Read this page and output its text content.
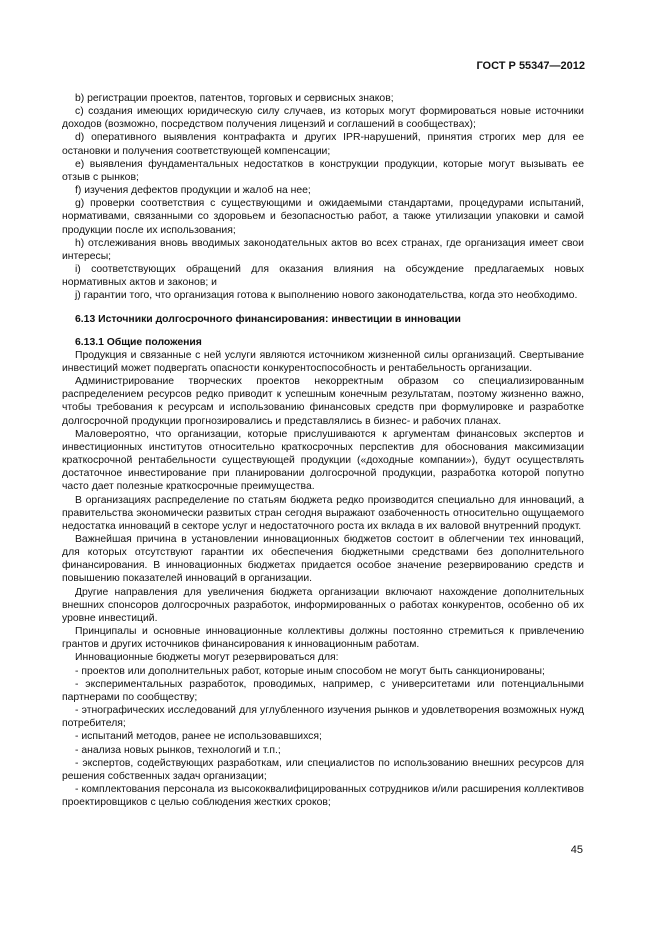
ГОСТ Р 55347—2012

b) регистрации проектов, патентов, торговых и сервисных знаков;

c) создания имеющих юридическую силу случаев, из которых могут формироваться новые источники доходов (возможно, посредством получения лицензий и соглашений в сообществах);

d) оперативного выявления контрафакта и других IPR-нарушений, принятия строгих мер для ее остановки и получения соответствующей компенсации;

e) выявления фундаментальных недостатков в конструкции продукции, которые могут вызывать ее отзыв с рынков;

f) изучения дефектов продукции и жалоб на нее;

g) проверки соответствия с существующими и ожидаемыми стандартами, процедурами испытаний, нормативами, связанными со здоровьем и безопасностью работ, а также утилизации упаковки и самой продукции после их использования;

h) отслеживания вновь вводимых законодательных актов во всех странах, где организация имеет свои интересы;

i) соответствующих обращений для оказания влияния на обсуждение предлагаемых новых нормативных актов и законов; и

j) гарантии того, что организация готова к выполнению нового законодательства, когда это необходимо.

6.13 Источники долгосрочного финансирования: инвестиции в инновации

6.13.1 Общие положения

Продукция и связанные с ней услуги являются источником жизненной силы организаций. Свертывание инвестиций может подвергать опасности конкурентоспособность и рентабельность организации.

Администрирование творческих проектов некорректным образом со специализированным распределением ресурсов редко приводит к успешным конечным результатам, поэтому жизненно важно, чтобы требования к ресурсам и использованию финансовых средств при формулировке и разработке долгосрочной продукции прогнозировались и представлялись в бизнес- и рабочих планах.

Маловероятно, что организации, которые прислушиваются к аргументам финансовых экспертов и инвестиционных институтов относительно краткосрочных перспектив для обоснования максимизации краткосрочной рентабельности существующей продукции («доходные компании»), будут осуществлять достаточное инвестирование при планировании долгосрочной продукции, разработка которой попутно часто дает полезные краткосрочные преимущества.

В организациях распределение по статьям бюджета редко производится специально для инноваций, а правительства экономически развитых стран сегодня выражают озабоченность относительно ощущаемого недостатка инноваций в секторе услуг и недостаточного роста их вклада в их валовой внутренний продукт.

Важнейшая причина в установлении инновационных бюджетов состоит в облегчении тех инноваций, для которых отсутствуют гарантии их обеспечения бюджетными средствами без дополнительного финансирования. В инновационных бюджетах придается особое значение резервированию средств и повышению показателей инноваций в организации.

Другие направления для увеличения бюджета организации включают нахождение дополнительных внешних спонсоров долгосрочных разработок, информированных о работах конкурентов, особенно об их уровне инвестиций.

Принципалы и основные инновационные коллективы должны постоянно стремиться к привлечению грантов и других источников финансирования к инновационным работам.

Инновационные бюджеты могут резервироваться для:

- проектов или дополнительных работ, которые иным способом не могут быть санкционированы;

- экспериментальных разработок, проводимых, например, с университетами или потенциальными партнерами по сообществу;

- этнографических исследований для углубленного изучения рынков и удовлетворения возможных нужд потребителя;

- испытаний методов, ранее не использовавшихся;

- анализа новых рынков, технологий и т.п.;

- экспертов, содействующих разработкам, или специалистов по использованию внешних ресурсов для решения собственных задач организации;

- комплектования персонала из высококвалифицированных сотрудников и/или расширения коллективов проектировщиков с целью соблюдения жестких сроков;

45
